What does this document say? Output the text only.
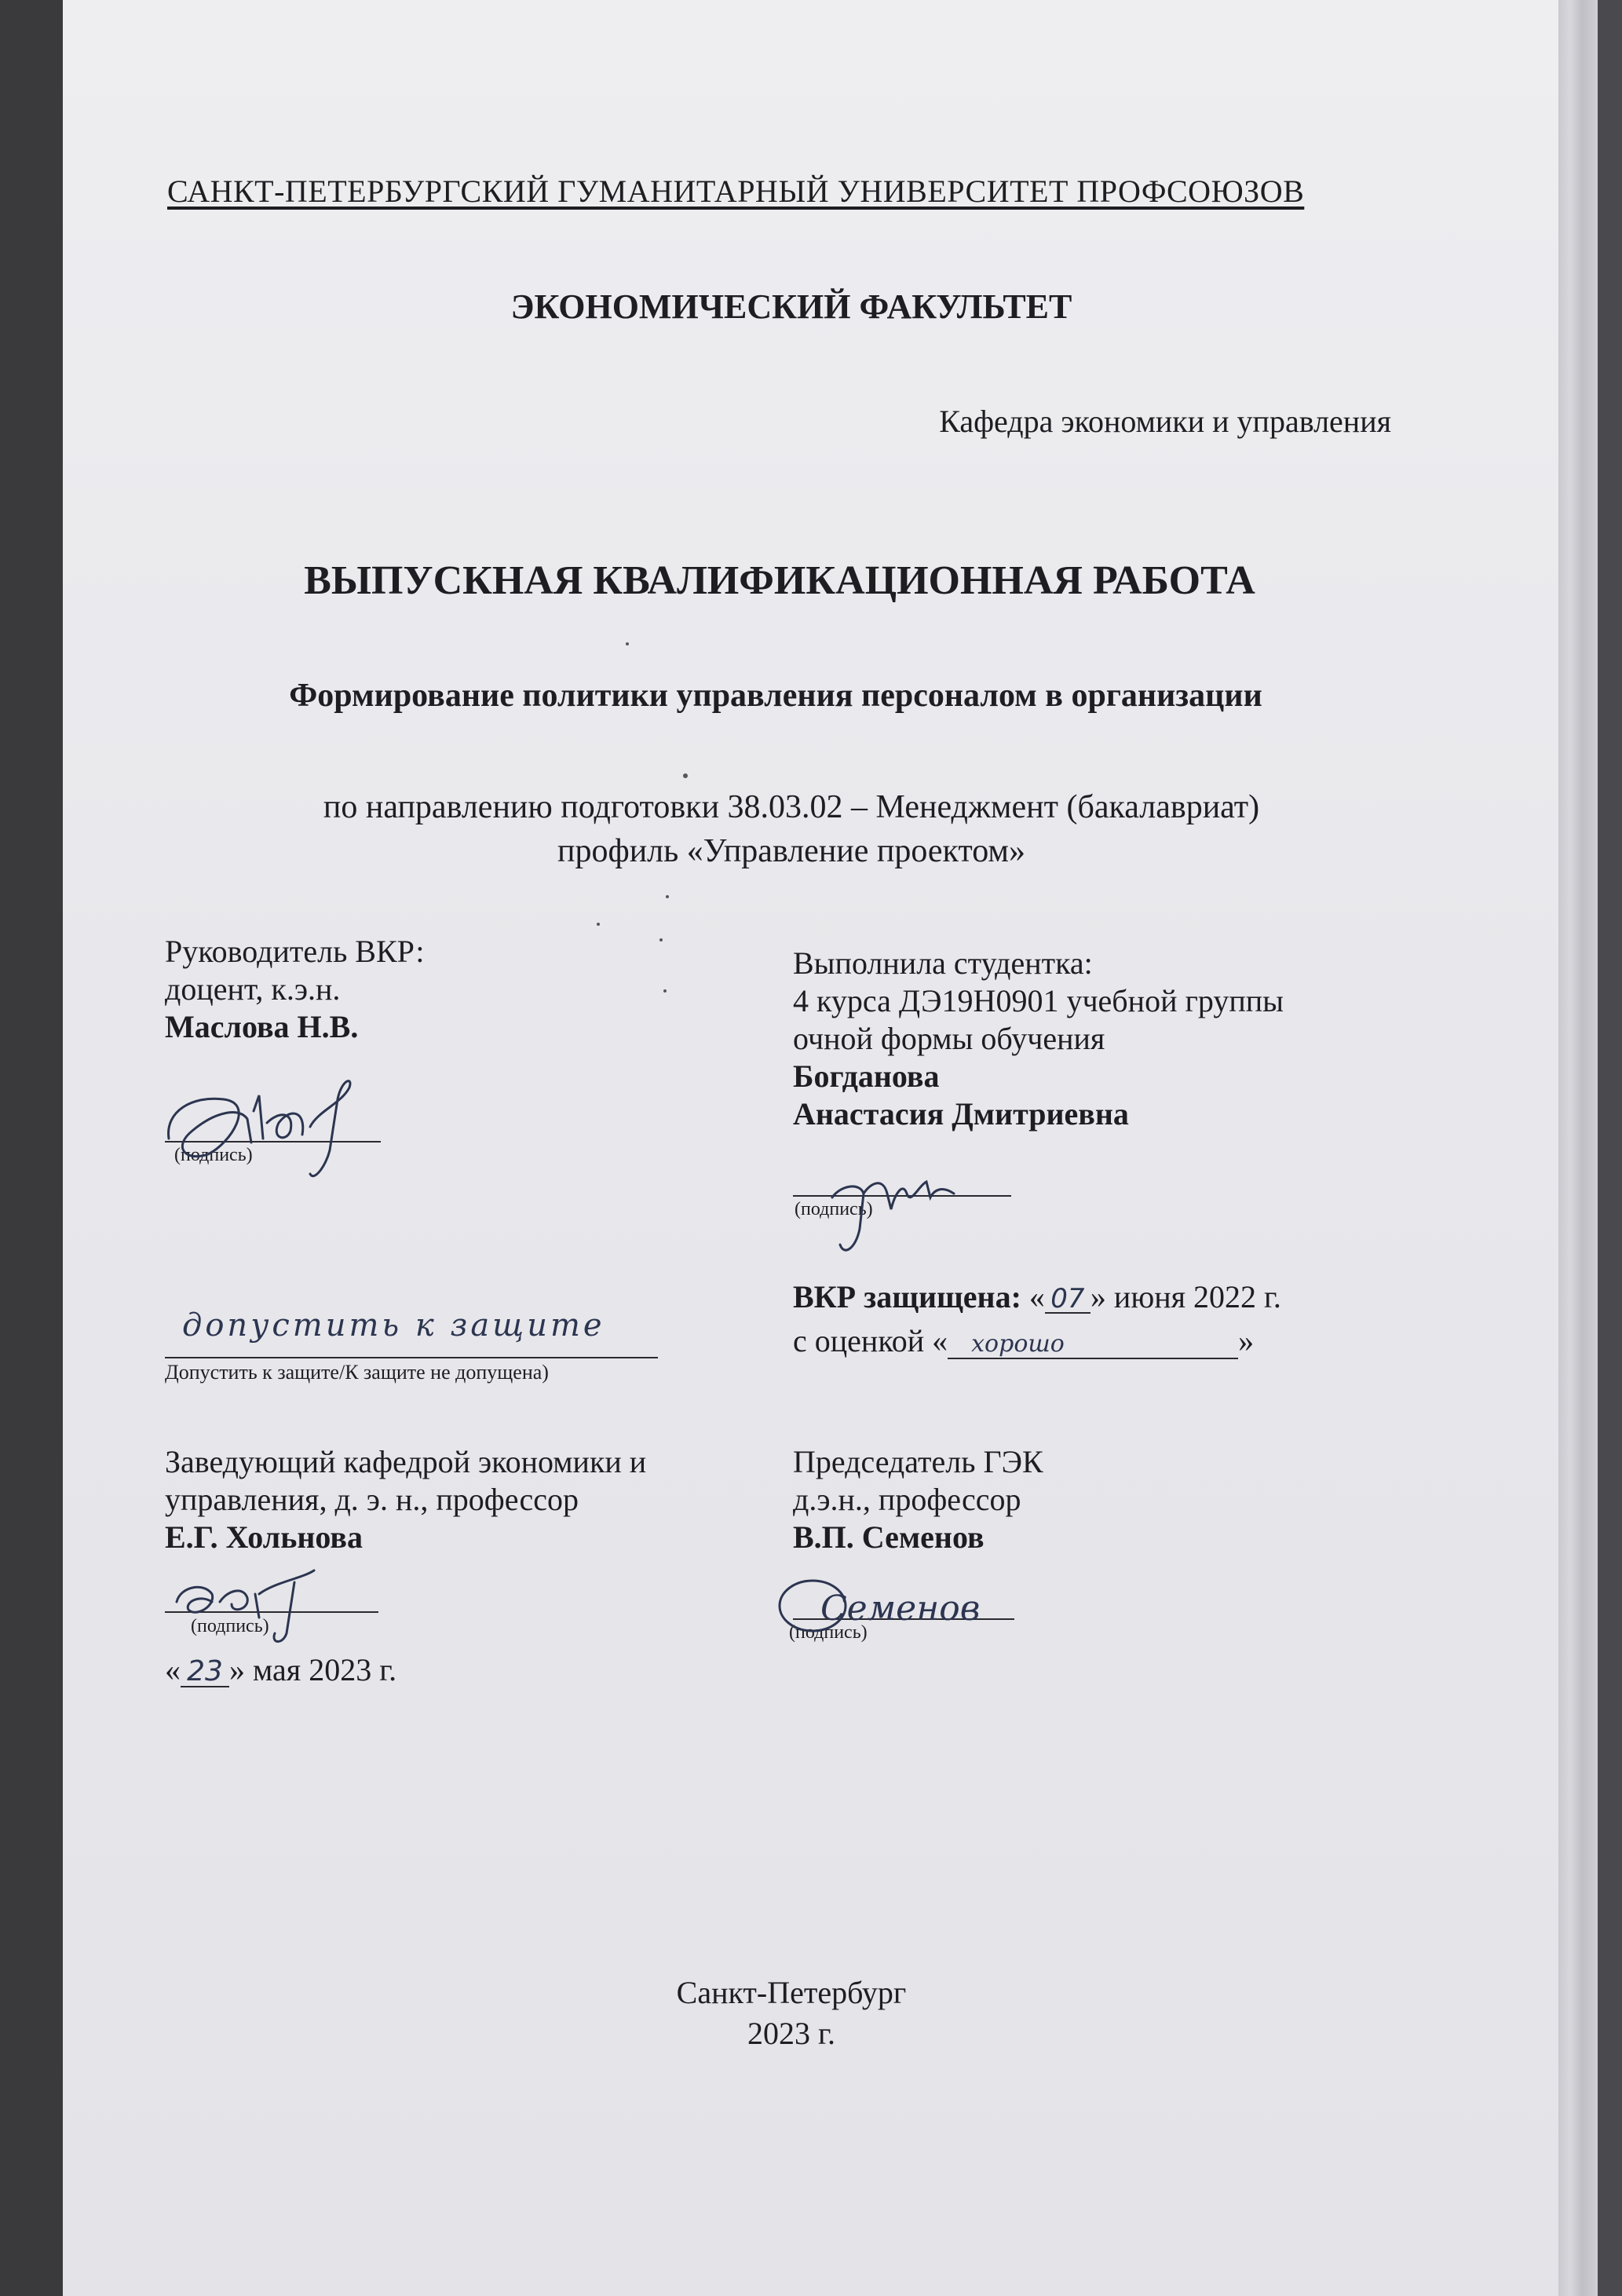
САНКТ-ПЕТЕРБУРГСКИЙ ГУМАНИТАРНЫЙ УНИВЕРСИТЕТ ПРОФСОЮЗОВ
ЭКОНОМИЧЕСКИЙ ФАКУЛЬТЕТ
Кафедра экономики и управления
ВЫПУСКНАЯ КВАЛИФИКАЦИОННАЯ РАБОТА
Формирование политики управления персоналом в организации
по направлению подготовки 38.03.02 – Менеджмент (бакалавриат)
профиль «Управление проектом»
Руководитель ВКР:
доцент, к.э.н.
Маслова Н.В.
(подпись)
Выполнила студентка:
4 курса ДЭ19Н0901 учебной группы
очной формы обучения
Богданова
Анастасия Дмитриевна
(подпись)
ВКР защищена: « 07 » июня 2022 г.
с оценкой « хорошо	»
допустить к защите
Допустить к защите/К защите не допущена)
Заведующий кафедрой экономики и
управления, д. э. н., профессор
Е.Г. Хольнова
(подпись)
« 23 » мая 2023 г.
Председатель ГЭК
д.э.н., профессор
В.П. Семенов
(подпись)
Семенов
Санкт-Петербург
2023 г.
